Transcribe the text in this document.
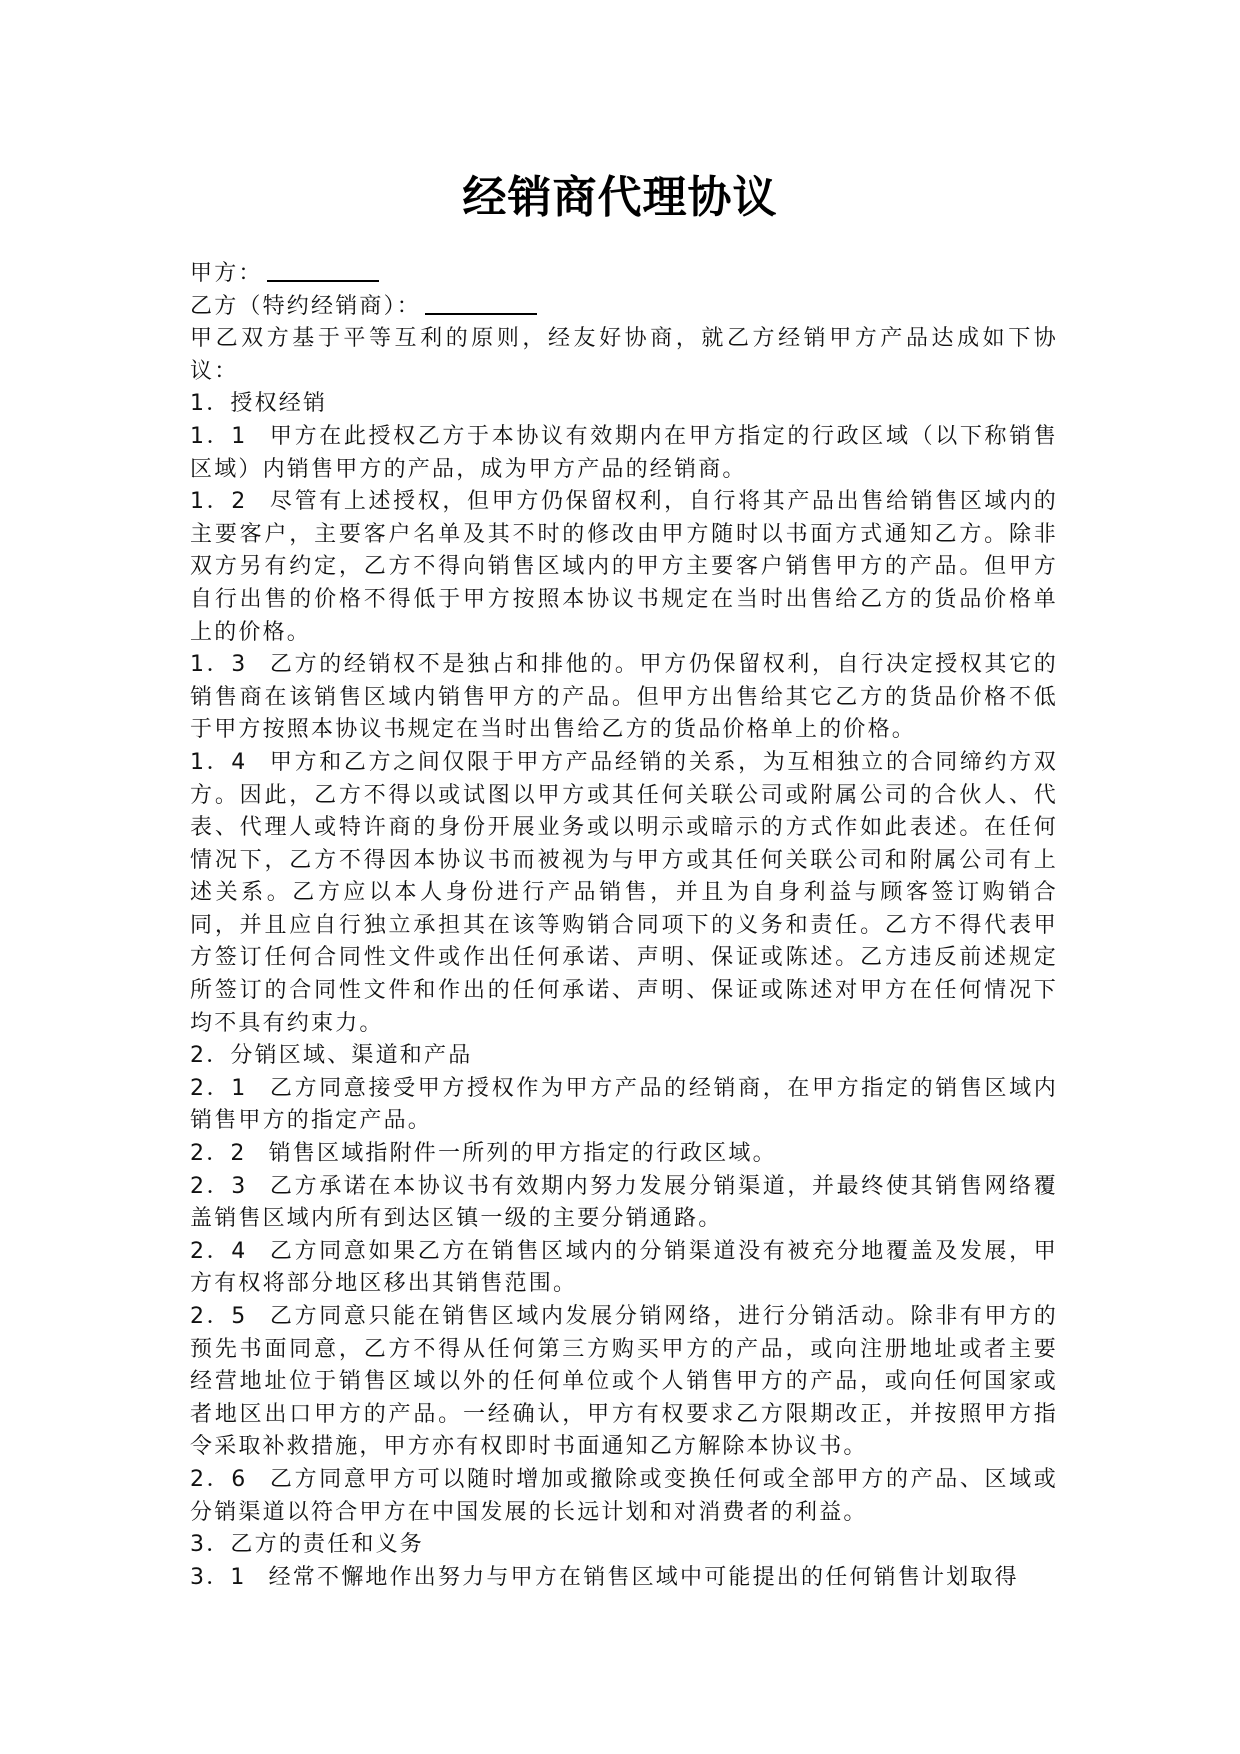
经销商代理协议

甲方：

乙方（特约经销商）：

甲乙双方基于平等互利的原则，经友好协商，就乙方经销甲方产品达成如下协议：

1．授权经销

1．1 甲方在此授权乙方于本协议有效期内在甲方指定的行政区域（以下称销售区域）内销售甲方的产品，成为甲方产品的经销商。

1．2 尽管有上述授权，但甲方仍保留权利，自行将其产品出售给销售区域内的主要客户，主要客户名单及其不时的修改由甲方随时以书面方式通知乙方。除非双方另有约定，乙方不得向销售区域内的甲方主要客户销售甲方的产品。但甲方自行出售的价格不得低于甲方按照本协议书规定在当时出售给乙方的货品价格单上的价格。

1．3 乙方的经销权不是独占和排他的。甲方仍保留权利，自行决定授权其它的销售商在该销售区域内销售甲方的产品。但甲方出售给其它乙方的货品价格不低于甲方按照本协议书规定在当时出售给乙方的货品价格单上的价格。

1．4 甲方和乙方之间仅限于甲方产品经销的关系，为互相独立的合同缔约方双方。因此，乙方不得以或试图以甲方或其任何关联公司或附属公司的合伙人、代表、代理人或特许商的身份开展业务或以明示或暗示的方式作如此表述。在任何情况下，乙方不得因本协议书而被视为与甲方或其任何关联公司和附属公司有上述关系。乙方应以本人身份进行产品销售，并且为自身利益与顾客签订购销合同，并且应自行独立承担其在该等购销合同项下的义务和责任。乙方不得代表甲方签订任何合同性文件或作出任何承诺、声明、保证或陈述。乙方违反前述规定所签订的合同性文件和作出的任何承诺、声明、保证或陈述对甲方在任何情况下均不具有约束力。

2．分销区域、渠道和产品

2．1 乙方同意接受甲方授权作为甲方产品的经销商，在甲方指定的销售区域内销售甲方的指定产品。

2．2 销售区域指附件一所列的甲方指定的行政区域。

2．3 乙方承诺在本协议书有效期内努力发展分销渠道，并最终使其销售网络覆盖销售区域内所有到达区镇一级的主要分销通路。

2．4 乙方同意如果乙方在销售区域内的分销渠道没有被充分地覆盖及发展，甲方有权将部分地区移出其销售范围。

2．5 乙方同意只能在销售区域内发展分销网络，进行分销活动。除非有甲方的预先书面同意，乙方不得从任何第三方购买甲方的产品，或向注册地址或者主要经营地址位于销售区域以外的任何单位或个人销售甲方的产品，或向任何国家或者地区出口甲方的产品。一经确认，甲方有权要求乙方限期改正，并按照甲方指令采取补救措施，甲方亦有权即时书面通知乙方解除本协议书。

2．6 乙方同意甲方可以随时增加或撤除或变换任何或全部甲方的产品、区域或分销渠道以符合甲方在中国发展的长远计划和对消费者的利益。

3．乙方的责任和义务

3．1 经常不懈地作出努力与甲方在销售区域中可能提出的任何销售计划取得
